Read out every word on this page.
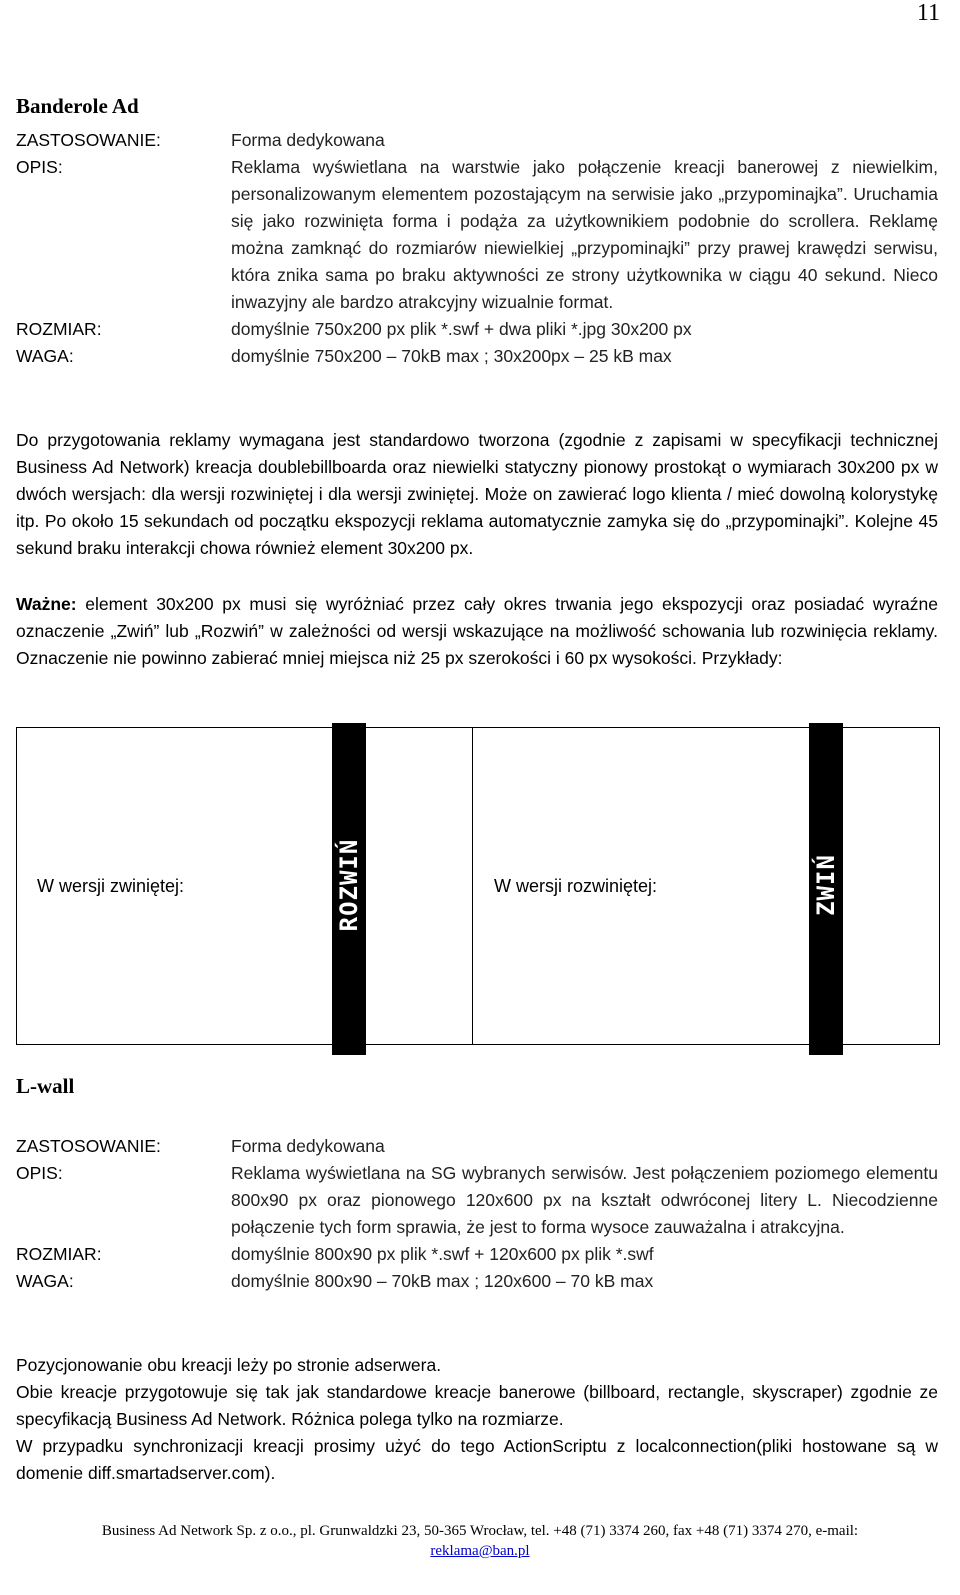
11
Banderole Ad
ZASTOSOWANIE:	Forma dedykowana
OPIS:	Reklama wyświetlana na warstwie jako połączenie kreacji banerowej z niewielkim, personalizowanym elementem pozostającym na serwisie jako „przypominajka”. Uruchamia się jako rozwinięta forma i podąża za użytkownikiem podobnie do scrollera. Reklamę można zamknąć do rozmiarów niewielkiej „przypominajki” przy prawej krawędzi serwisu, która znika sama po braku aktywności ze strony użytkownika w ciągu 40 sekund. Nieco inwazyjny ale bardzo atrakcyjny wizualnie format.
ROZMIAR:	domyślnie 750x200 px plik *.swf + dwa pliki *.jpg 30x200 px
WAGA:	domyślnie 750x200 – 70kB max ; 30x200px – 25 kB max

Do przygotowania reklamy wymagana jest standardowo tworzona (zgodnie z zapisami w specyfikacji technicznej Business Ad Network) kreacja doublebillboarda oraz niewielki statyczny pionowy prostokąt o wymiarach 30x200 px w dwóch wersjach: dla wersji rozwiniętej i dla wersji zwiniętej. Może on zawierać logo klienta / mieć dowolną kolorystykę itp. Po około 15 sekundach od początku ekspozycji reklama automatycznie zamyka się do „przypominajki”. Kolejne 45 sekund braku interakcji chowa również element 30x200 px.

Ważne: element 30x200 px musi się wyróżniać przez cały okres trwania jego ekspozycji oraz posiadać wyraźne oznaczenie „Zwiń” lub „Rozwiń” w zależności od wersji wskazujące na możliwość schowania lub rozwinięcia reklamy. Oznaczenie nie powinno zabierać mniej miejsca niż 25 px szerokości i 60 px wysokości. Przykłady:

W wersji zwiniętej:	ROZWIŃ	W wersji rozwiniętej:	ZWIŃ
L-wall
ZASTOSOWANIE:	Forma dedykowana
OPIS:	Reklama wyświetlana na SG wybranych serwisów. Jest połączeniem poziomego elementu 800x90 px oraz pionowego 120x600 px na kształt odwróconej litery L. Niecodzienne połączenie tych form sprawia, że jest to forma wysoce zauważalna i atrakcyjna.
ROZMIAR:	domyślnie 800x90 px plik *.swf + 120x600 px plik *.swf
WAGA:	domyślnie 800x90 – 70kB max ; 120x600 – 70 kB max

Pozycjonowanie obu kreacji leży po stronie adserwera.

Obie kreacje przygotowuje się tak jak standardowe kreacje banerowe (billboard, rectangle, skyscraper) zgodnie ze specyfikacją Business Ad Network. Różnica polega tylko na rozmiarze.

W przypadku synchronizacji kreacji prosimy użyć do tego ActionScriptu z localconnection(pliki hostowane są w domenie diff.smartadserver.com).

Business Ad Network Sp. z o.o., pl. Grunwaldzki 23, 50-365 Wrocław, tel. +48 (71) 3374 260, fax +48 (71) 3374 270, e-mail:
reklama@ban.pl
